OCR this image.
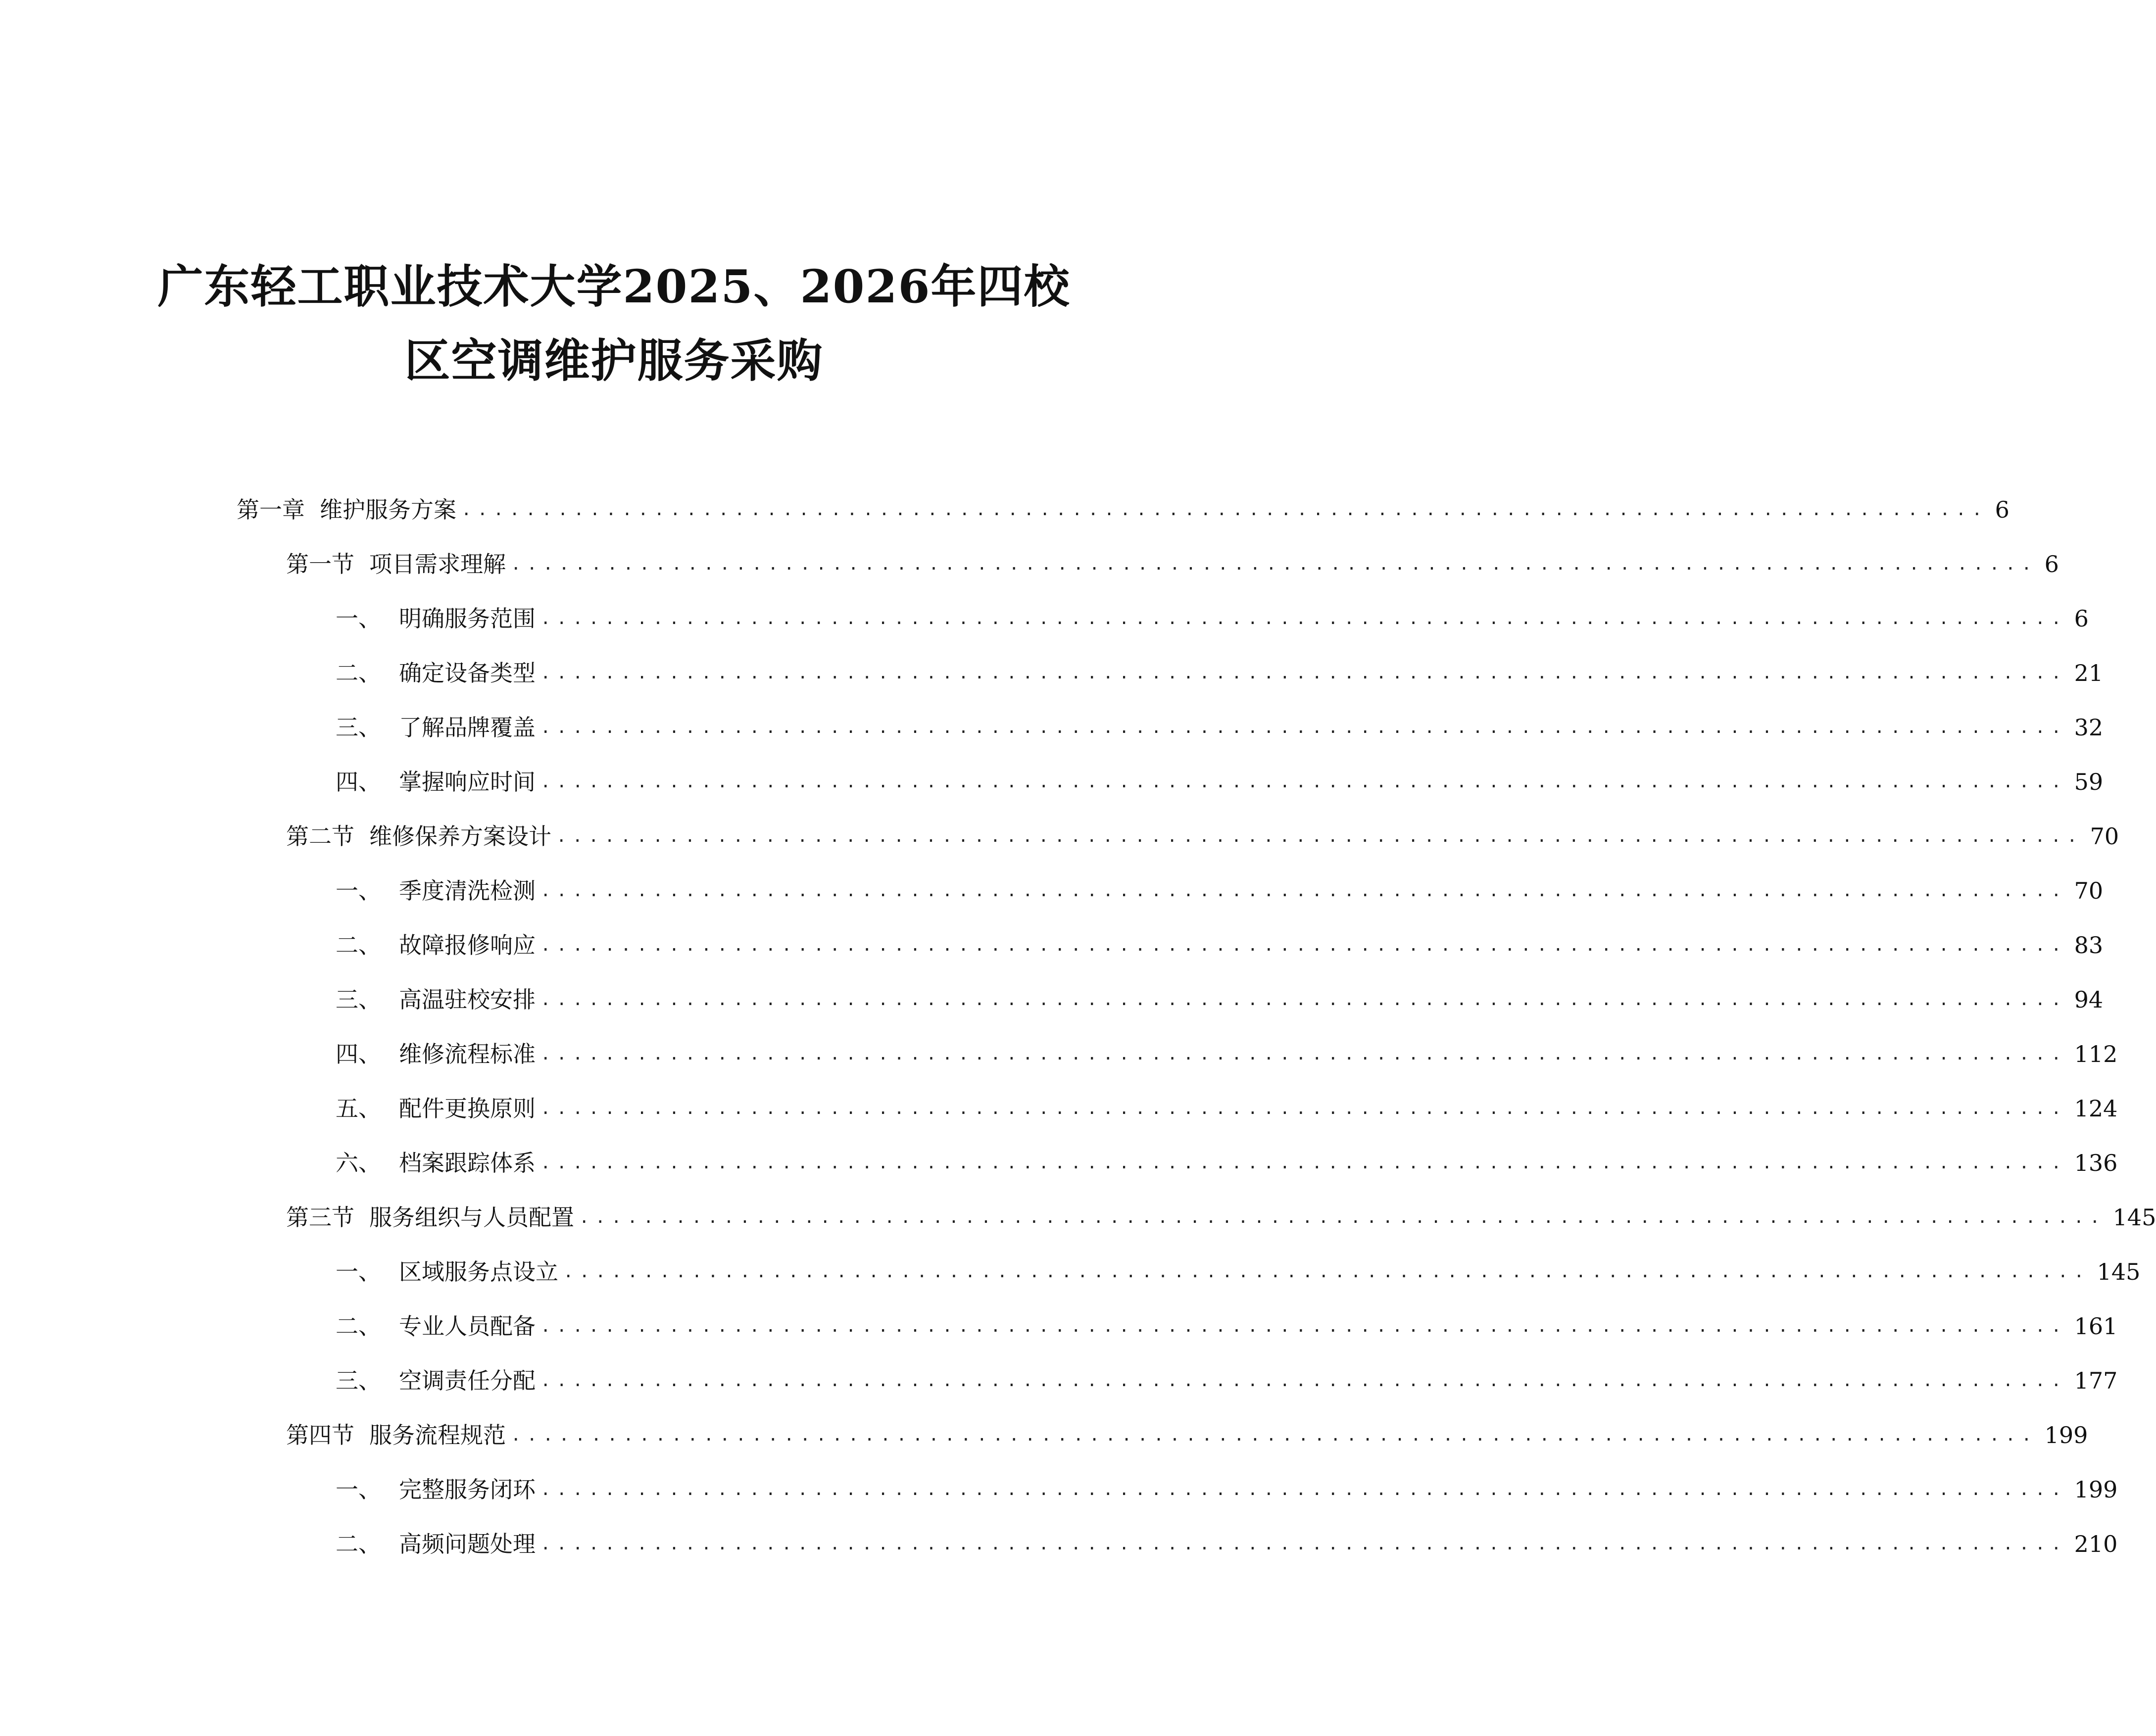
广东轻工职业技术大学2025、2026年四校
区空调维护服务采购
第一章 维护服务方案 ............................................................................................... 6
第一节 项目需求理解 ............................................................................................... 6
一、 明确服务范围 ............................................................................................... 6
二、 确定设备类型 ............................................................................................... 21
三、 了解品牌覆盖 ............................................................................................... 32
四、 掌握响应时间 ............................................................................................... 59
第二节 维修保养方案设计 ............................................................................................... 70
一、 季度清洗检测 ............................................................................................... 70
二、 故障报修响应 ............................................................................................... 83
三、 高温驻校安排 ............................................................................................... 94
四、 维修流程标准 ............................................................................................... 112
五、 配件更换原则 ............................................................................................... 124
六、 档案跟踪体系 ............................................................................................... 136
第三节 服务组织与人员配置 ............................................................................................... 145
一、 区域服务点设立 ............................................................................................... 145
二、 专业人员配备 ............................................................................................... 161
三、 空调责任分配 ............................................................................................... 177
第四节 服务流程规范 ............................................................................................... 199
一、 完整服务闭环 ............................................................................................... 199
二、 高频问题处理 ............................................................................................... 210
